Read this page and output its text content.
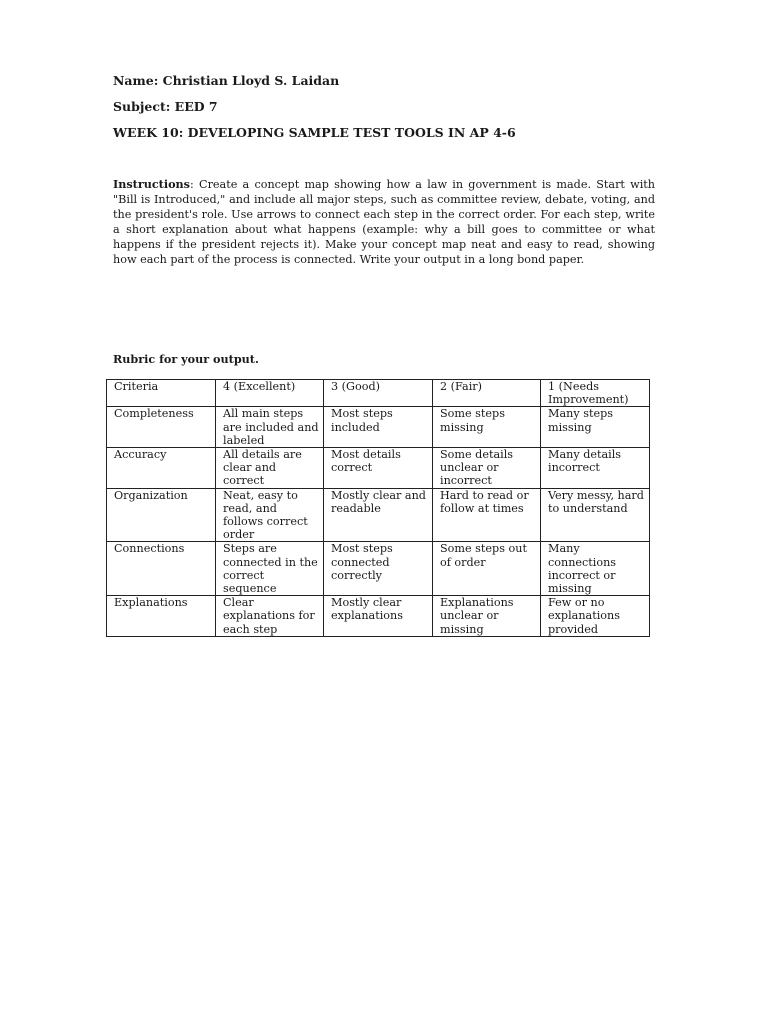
Name: Christian Lloyd S. Laidan
Subject: EED 7
WEEK 10: DEVELOPING SAMPLE TEST TOOLS IN AP 4-6
Instructions: Create a concept map showing how a law in government is made. Start with "Bill is Introduced," and include all major steps, such as committee review, debate, voting, and the president's role. Use arrows to connect each step in the correct order. For each step, write a short explanation about what happens (example: why a bill goes to committee or what happens if the president rejects it). Make your concept map neat and easy to read, showing how each part of the process is connected. Write your output in a long bond paper.
Rubric for your output.
Criteria	4 (Excellent)	3 (Good)	2 (Fair)	1 (Needs Improvement)
Completeness	All main steps are included and labeled	Most steps included	Some steps missing	Many steps missing
Accuracy	All details are clear and correct	Most details correct	Some details unclear or incorrect	Many details incorrect
Organization	Neat, easy to read, and follows correct order	Mostly clear and readable	Hard to read or follow at times	Very messy, hard to understand
Connections	Steps are connected in the correct sequence	Most steps connected correctly	Some steps out of order	Many connections incorrect or missing
Explanations	Clear explanations for each step	Mostly clear explanations	Explanations unclear or missing	Few or no explanations provided
